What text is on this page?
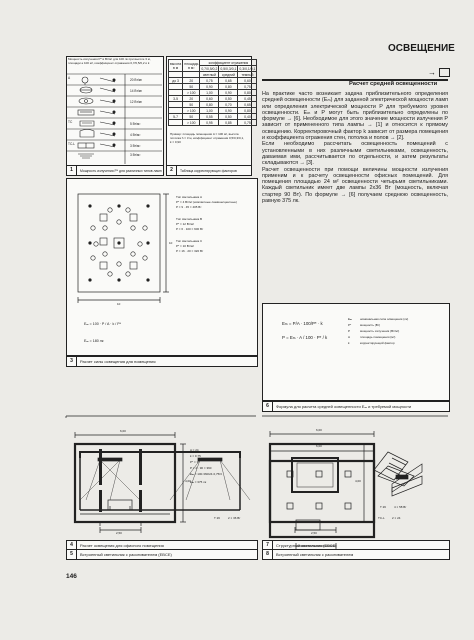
ОСВЕЩЕНИЕ
→
Расчет средней освещенности

На практике часто возникает задача приблизительного определения средней освещенности (Eₘ) для заданной электрической мощности ламп или определения электрической мощности P для требуемого уровня освещенности. Eₘ и P могут быть приблизительно определены по формуле → [6]. Необходимое для этого значение мощности излучения P зависит от примененного типа лампы → [1] и относится к прямому освещению. Корректировочный фактор k зависит от размера помещения и коэффициента отражения стен, потолка и полов → [2].

Если необходимо рассчитать освещенность помещений с установленными в них различными светильниками, освещенность, даваемая ими, рассчитывается по отдельности, и затем результаты складываются → [3].

Расчет освещенности при помощи величины мощности излучения применим и к расчету освещенности офисных помещений. Для помещения площадью 24 м² освещенности четырьмя светильниками. Каждый светильник имеет две лампы 2x36 Вт (мощность, включая стартер 90 Вт). По формуле → [6] получаем среднюю освещенность, равную 375 лк.

Мощность излучения P* в Вт/м² для 100 лк при высоте 3 м, площади ≥ 100 м², коэффициент отражения 0,7/0,5/0,2 и k
A	20 Вт/м²
14 Вт/м²
12 Вт/м²
TC	5 Вт/м²
4 Вт/м²
TC-L	3 Вт/м²
3 Вт/м²
1	Мощность излучения P* для различных типов ламп
высота в м	площадь в м²	коэффициент отражения		
		0,7/0,5/0,2	0,5/0,3/0,1	0,3/0,1/0,1
		светлый	средний	темный
до 3	20	0,75	0,65	0,60
	50	0,90	0,80	0,75
	> 100	1,00	0,90	0,80
3-5	20	0,60	0,50	0,45
	50	0,80	0,70	0,65
	> 100	1,00	0,90	0,80
5-7	50	0,55	0,50	0,40
	> 100	0,95	0,85	0,75
Пример: площадь помещения A = 100 м², высота потолка h = 3 м, коэффициент отражения 0,5/0,3/0,1, k = 0,90
2	Таблица корректирующих факторов
10
10
Тип светильника А
P* = 4 Вт/м² (компактные люминесцентные)
P = 9 · 45 = 405 Вт
Тип светильника B
P* = 12 Вт/м²
P = 6 · 100 = 600 Вт
Тип светильника C
P* = 10 Вт/м²
P = 16 · 20 = 320 Вт
Eₘ = 100 · P / A · k / P*
Eₘ = 180 лк
3	Расчет силы освещения для помещения
Eₘ = P/A · 100/P* · k
P = Eₘ · A / 100 · P* / k
Eₘ	номинальная сила освещения (лк)
P*	мощность (Вт)
P	мощность излучения (Вт/м²)
A	площадь помещения (м²)
k	корректирующий фактор
6	Формула для расчета средней освещенности Eₘ и требуемой мощности
6,00
4,00
2,50
A = 24
k = 0,75
P* = 3
P = 4 · 90 = 360
Eₘ = 100·360/24·0,75/3
Eₘ = 375 лк
4	Расчет освещения для офисного помещения
6,00
4,00
2,50
T 26	4 × 58 Вт
7	Структурный светильник (EBCE)
T 26	2 × 36 Вт
6,00
TC-L 2 × 24
5	Встроенный светильник с рассеивателем (EBCE)	8	Встроенный светильник с рассеивателем
146
